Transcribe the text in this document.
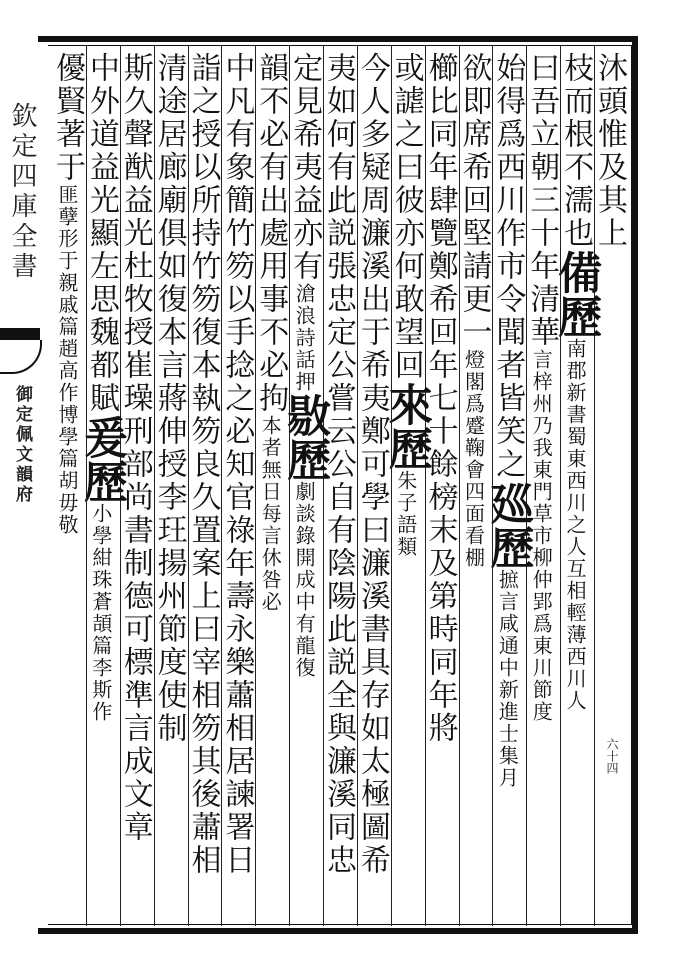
欽定四庫全書
御定佩文韻府
六十四
沐頭惟及其上
枝而根不濡也備歷南郡新書蜀東西川之人互相輕薄西川人
曰吾立朝三十年清華言梓州乃我東門草市柳仲郢爲東川節度
始得爲西川作市令聞者皆笑之廵歷摭言咸通中新進士集月
欲即席希回堅請更一燈閣爲蹙鞠會四面看棚
櫛比同年肆覽鄭希回年七十餘榜末及第時同年將
或謔之曰彼亦何敢望回來歷朱子語類
今人多疑周濂溪出于希夷鄭可學曰濂溪書具存如太極圖希
夷如何有此説張忠定公嘗云公自有陰陽此説全與濂溪同忠
定見希夷益亦有滄浪詩話押敭歷劇談錄開成中有龍復
韻不必有出處用事不必拘本者無日每言休咎必
中凡有象簡竹笏以手捻之必知官祿年壽永樂蕭相居諫署日
詣之授以所持竹笏復本執笏良久置案上曰宰相笏其後蕭相
清途居廊廟俱如復本言蔣伸授李玨揚州節度使制
斯久聲猷益光杜牧授崔璪刑部尚書制德可標準言成文章
中外道益光顯左思魏都賦爰歷小學紺珠蒼頡篇李斯作
優賢著于匪孽形于親戚篇趙高作博學篇胡毋敬
